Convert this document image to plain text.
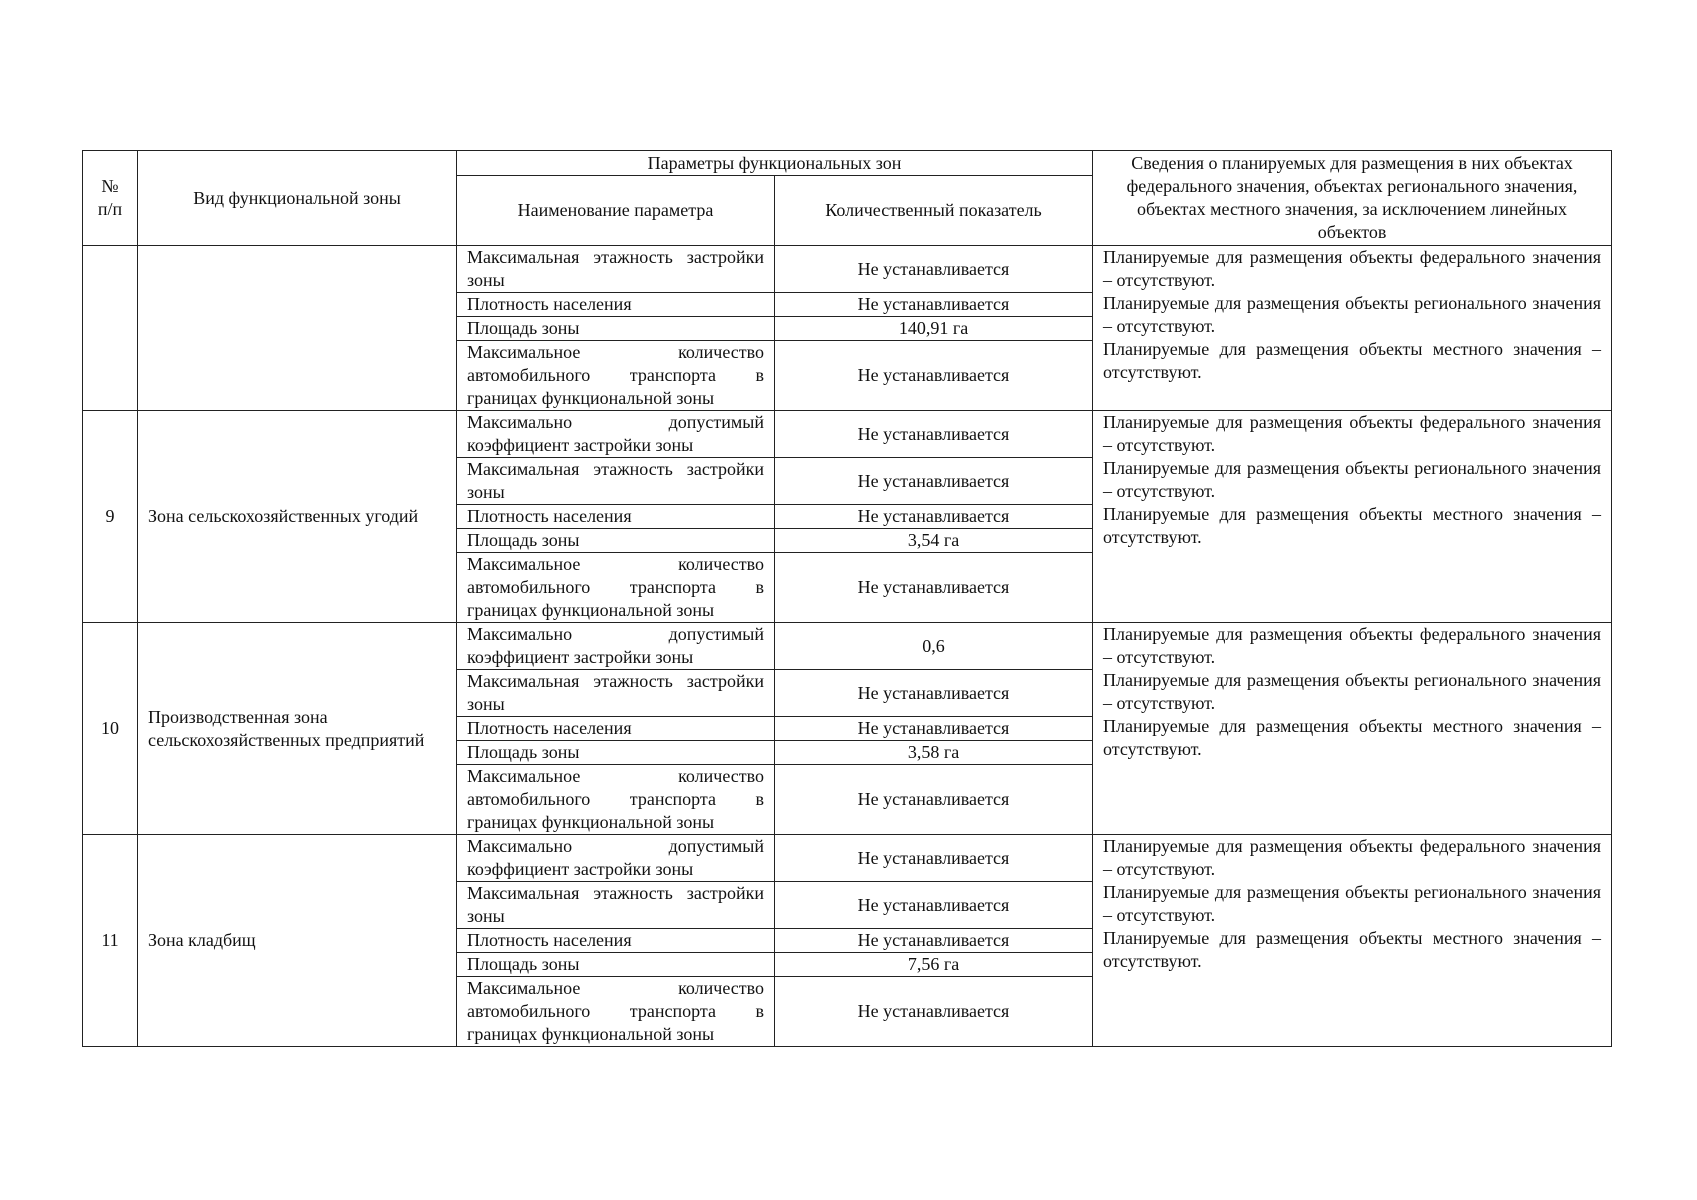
№ п/п	Вид функциональной зоны	Параметры функциональных зон		Сведения о планируемых для размещения в них объектах федерального значения, объектах регионального значения, объектах местного значения, за исключением линейных объектов
		Наименование параметра	Количественный показатель	
		Максимальная этажность застройки зоны	Не устанавливается	Планируемые для размещения объекты федерального значения – отсутствуют.

Планируемые для размещения объекты регионального значения – отсутствуют.

Планируемые для размещения объекты местного значения – отсутствуют.

		Плотность населения	Не устанавливается	
		Площадь зоны	140,91 га	
		Максимальное количество автомобильного транспорта в границах функциональной зоны	Не устанавливается	
9	Зона сельскохозяйственных угодий	Максимально допустимый коэффициент застройки зоны	Не устанавливается	Планируемые для размещения объекты федерального значения – отсутствуют.

Планируемые для размещения объекты регионального значения – отсутствуют.

Планируемые для размещения объекты местного значения – отсутствуют.

		Максимальная этажность застройки зоны	Не устанавливается	
		Плотность населения	Не устанавливается	
		Площадь зоны	3,54 га	
		Максимальное количество автомобильного транспорта в границах функциональной зоны	Не устанавливается	
10	Производственная зона сельскохозяйственных предприятий	Максимально допустимый коэффициент застройки зоны	0,6	Планируемые для размещения объекты федерального значения – отсутствуют.

Планируемые для размещения объекты регионального значения – отсутствуют.

Планируемые для размещения объекты местного значения – отсутствуют.

		Максимальная этажность застройки зоны	Не устанавливается	
		Плотность населения	Не устанавливается	
		Площадь зоны	3,58 га	
		Максимальное количество автомобильного транспорта в границах функциональной зоны	Не устанавливается	
11	Зона кладбищ	Максимально допустимый коэффициент застройки зоны	Не устанавливается	Планируемые для размещения объекты федерального значения – отсутствуют.

Планируемые для размещения объекты регионального значения – отсутствуют.

Планируемые для размещения объекты местного значения – отсутствуют.

		Максимальная этажность застройки зоны	Не устанавливается	
		Плотность населения	Не устанавливается	
		Площадь зоны	7,56 га	
		Максимальное количество автомобильного транспорта в границах функциональной зоны	Не устанавливается	
